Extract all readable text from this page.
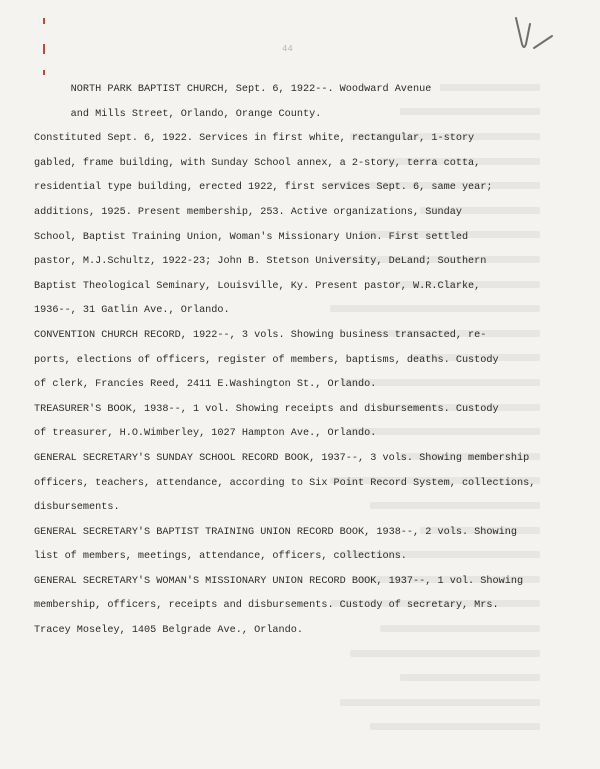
44
NORTH PARK BAPTIST CHURCH, Sept. 6, 1922--. Woodward Avenue
and Mills Street, Orlando, Orange County.
Constituted Sept. 6, 1922. Services in first white, rectangular, 1-story
gabled, frame building, with Sunday School annex, a 2-story, terra cotta,
residential type building, erected 1922, first services Sept. 6, same year;
additions, 1925. Present membership, 253. Active organizations, Sunday
School, Baptist Training Union, Woman's Missionary Union. First settled
pastor, M.J.Schultz, 1922-23; John B. Stetson University, DeLand; Southern
Baptist Theological Seminary, Louisville, Ky. Present pastor, W.R.Clarke,
1936--, 31 Gatlin Ave., Orlando.
CONVENTION CHURCH RECORD, 1922--, 3 vols. Showing business transacted, re-
ports, elections of officers, register of members, baptisms, deaths. Custody
of clerk, Francies Reed, 2411 E.Washington St., Orlando.
TREASURER'S BOOK, 1938--, 1 vol. Showing receipts and disbursements. Custody
of treasurer, H.O.Wimberley, 1027 Hampton Ave., Orlando.
GENERAL SECRETARY'S SUNDAY SCHOOL RECORD BOOK, 1937--, 3 vols. Showing membership
officers, teachers, attendance, according to Six Point Record System, collections,
disbursements.
GENERAL SECRETARY'S BAPTIST TRAINING UNION RECORD BOOK, 1938--, 2 vols. Showing
list of members, meetings, attendance, officers, collections.
GENERAL SECRETARY'S WOMAN'S MISSIONARY UNION RECORD BOOK, 1937--, 1 vol. Showing
membership, officers, receipts and disbursements. Custody of secretary, Mrs.
Tracey Moseley, 1405 Belgrade Ave., Orlando.
